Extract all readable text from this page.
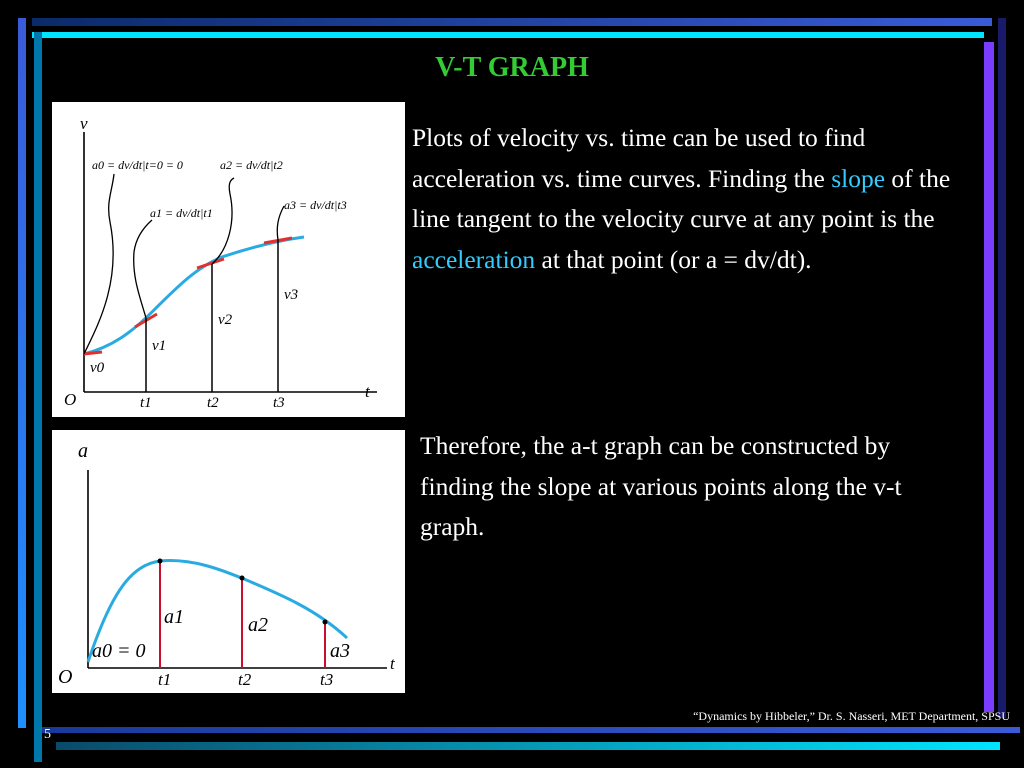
V-T GRAPH
v
t
O	t1	t2	t3
v0
v1
v2
v3
a0 = dv/dt|t=0 = 0
a1 = dv/dt|t1
a2 = dv/dt|t2
a3 = dv/dt|t3
a
t
O	t1	t2	t3
a0 = 0
a1	a2
a3
Plots of velocity vs. time can be used to find acceleration vs. time curves. Finding the slope of the line tangent to the velocity curve at any point is the acceleration at that point (or a = dv/dt).
Therefore, the a-t graph can be constructed by finding the slope at various points along the v-t graph.
“Dynamics by Hibbeler,” Dr. S. Nasseri, MET Department, SPSU
5
